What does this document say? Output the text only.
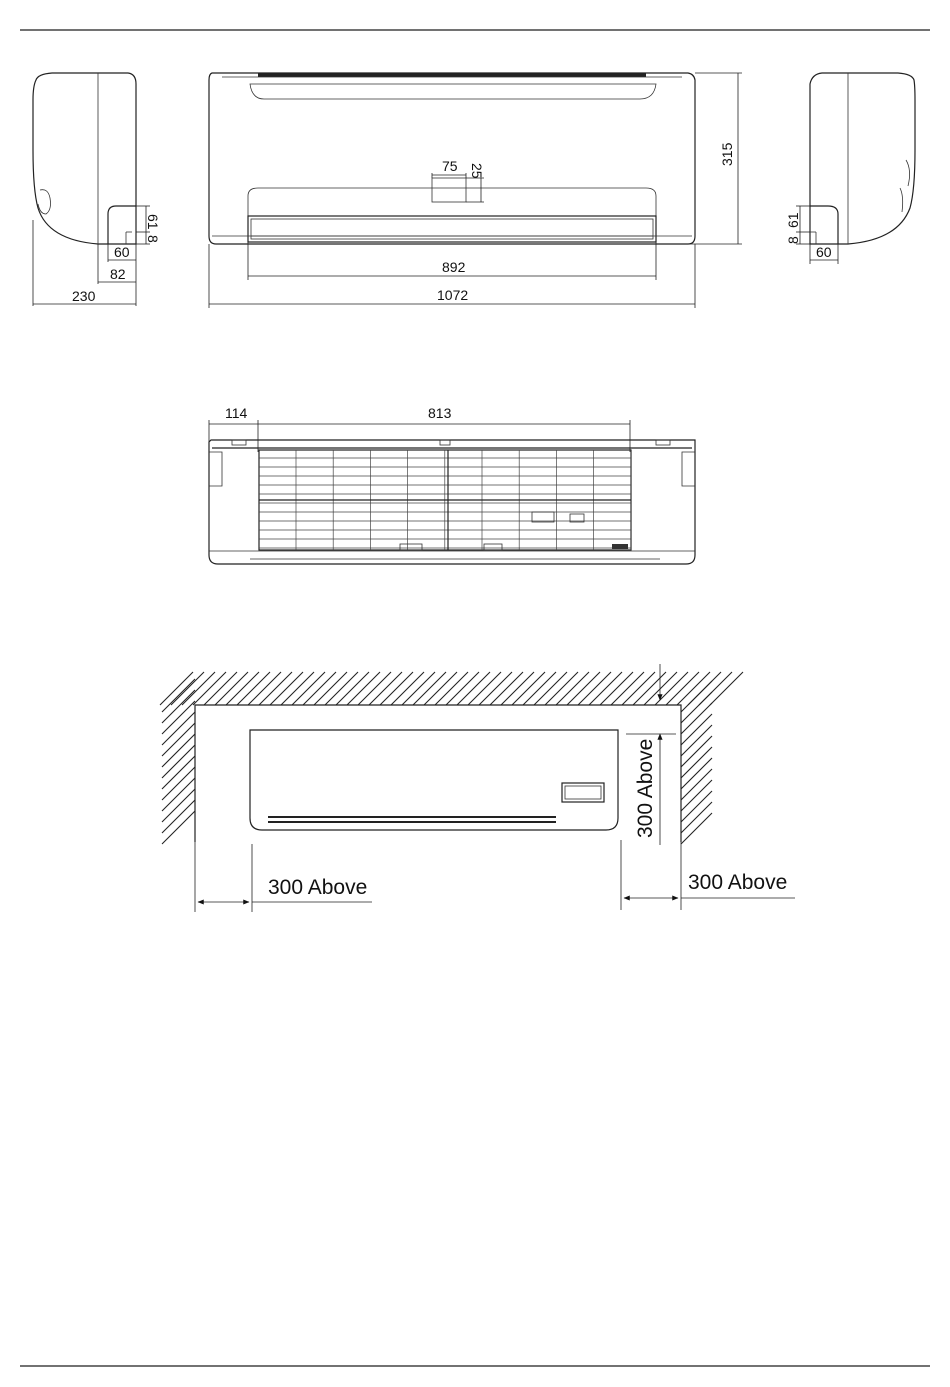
60
82
230
61
8
75 25
315
892
1072
60
61
8
114	813
300 Above
300 Above	300 Above
